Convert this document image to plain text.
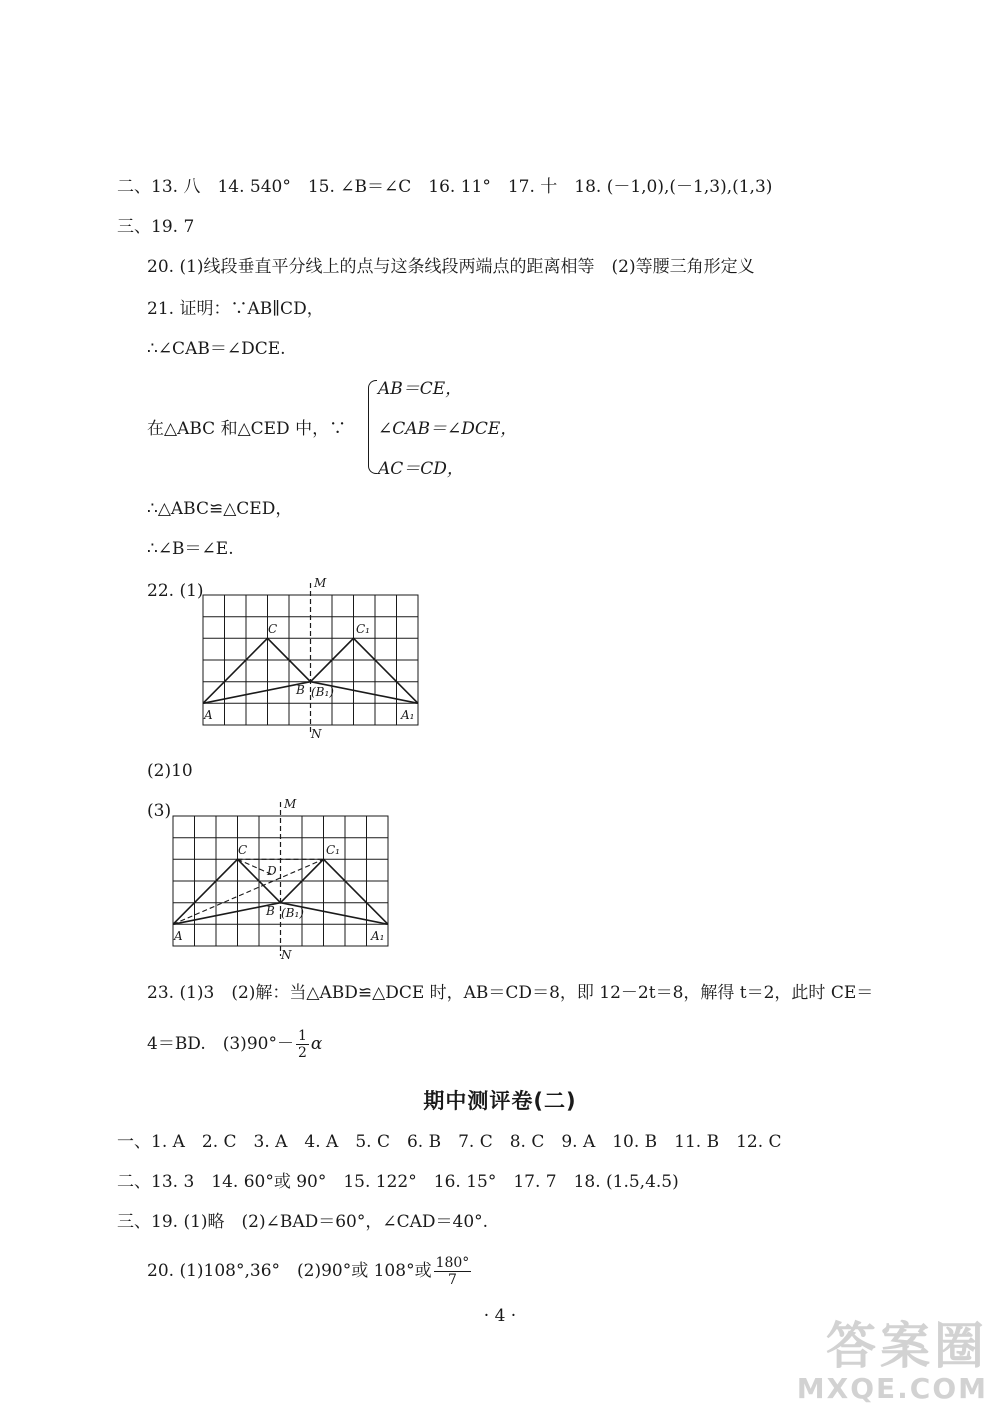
二、13. 八　14. 540°　15. ∠B＝∠C　16. 11°　17. 十　18. (－1,0),(－1,3),(1,3)
三、19. 7
20. (1)线段垂直平分线上的点与这条线段两端点的距离相等　(2)等腰三角形定义
21. 证明：∵AB∥CD，
∴∠CAB＝∠DCE.
在△ABC 和△CED 中，∵
AB＝CE，
∠CAB＝∠DCE，
AC＝CD，
∴△ABC≌△CED，
∴∠B＝∠E.
22. (1)	M
N
C	C₁
B (B₁)
A	A₁
(2)10
(3)	M
N
C	C₁
D
B (B₁)
A	A₁
23. (1)3　(2)解：当△ABD≌△DCE 时，AB＝CD＝8，即 12－2t＝8，解得 t＝2，此时 CE＝
4＝BD.　$(3)90^\circ- \frac{1}{2}$ α
期中测评卷(二)
一、1. A　2. C　3. A　4. A　5. C　6. B　7. C　8. C　9. A　10. B　11. B　12. C
二、13. 3　14. 60°或 90°　15. 122°　16. 15°　17. 7　18. (1.5,4.5)
三、19. (1)略　(2)∠BAD＝60°，∠CAD＝40°.
20. (1)108°,36°　(2)90°或 108°或 $\frac{180^\circ}{7}$
· 4 ·
答案圈
MXQE.COM
